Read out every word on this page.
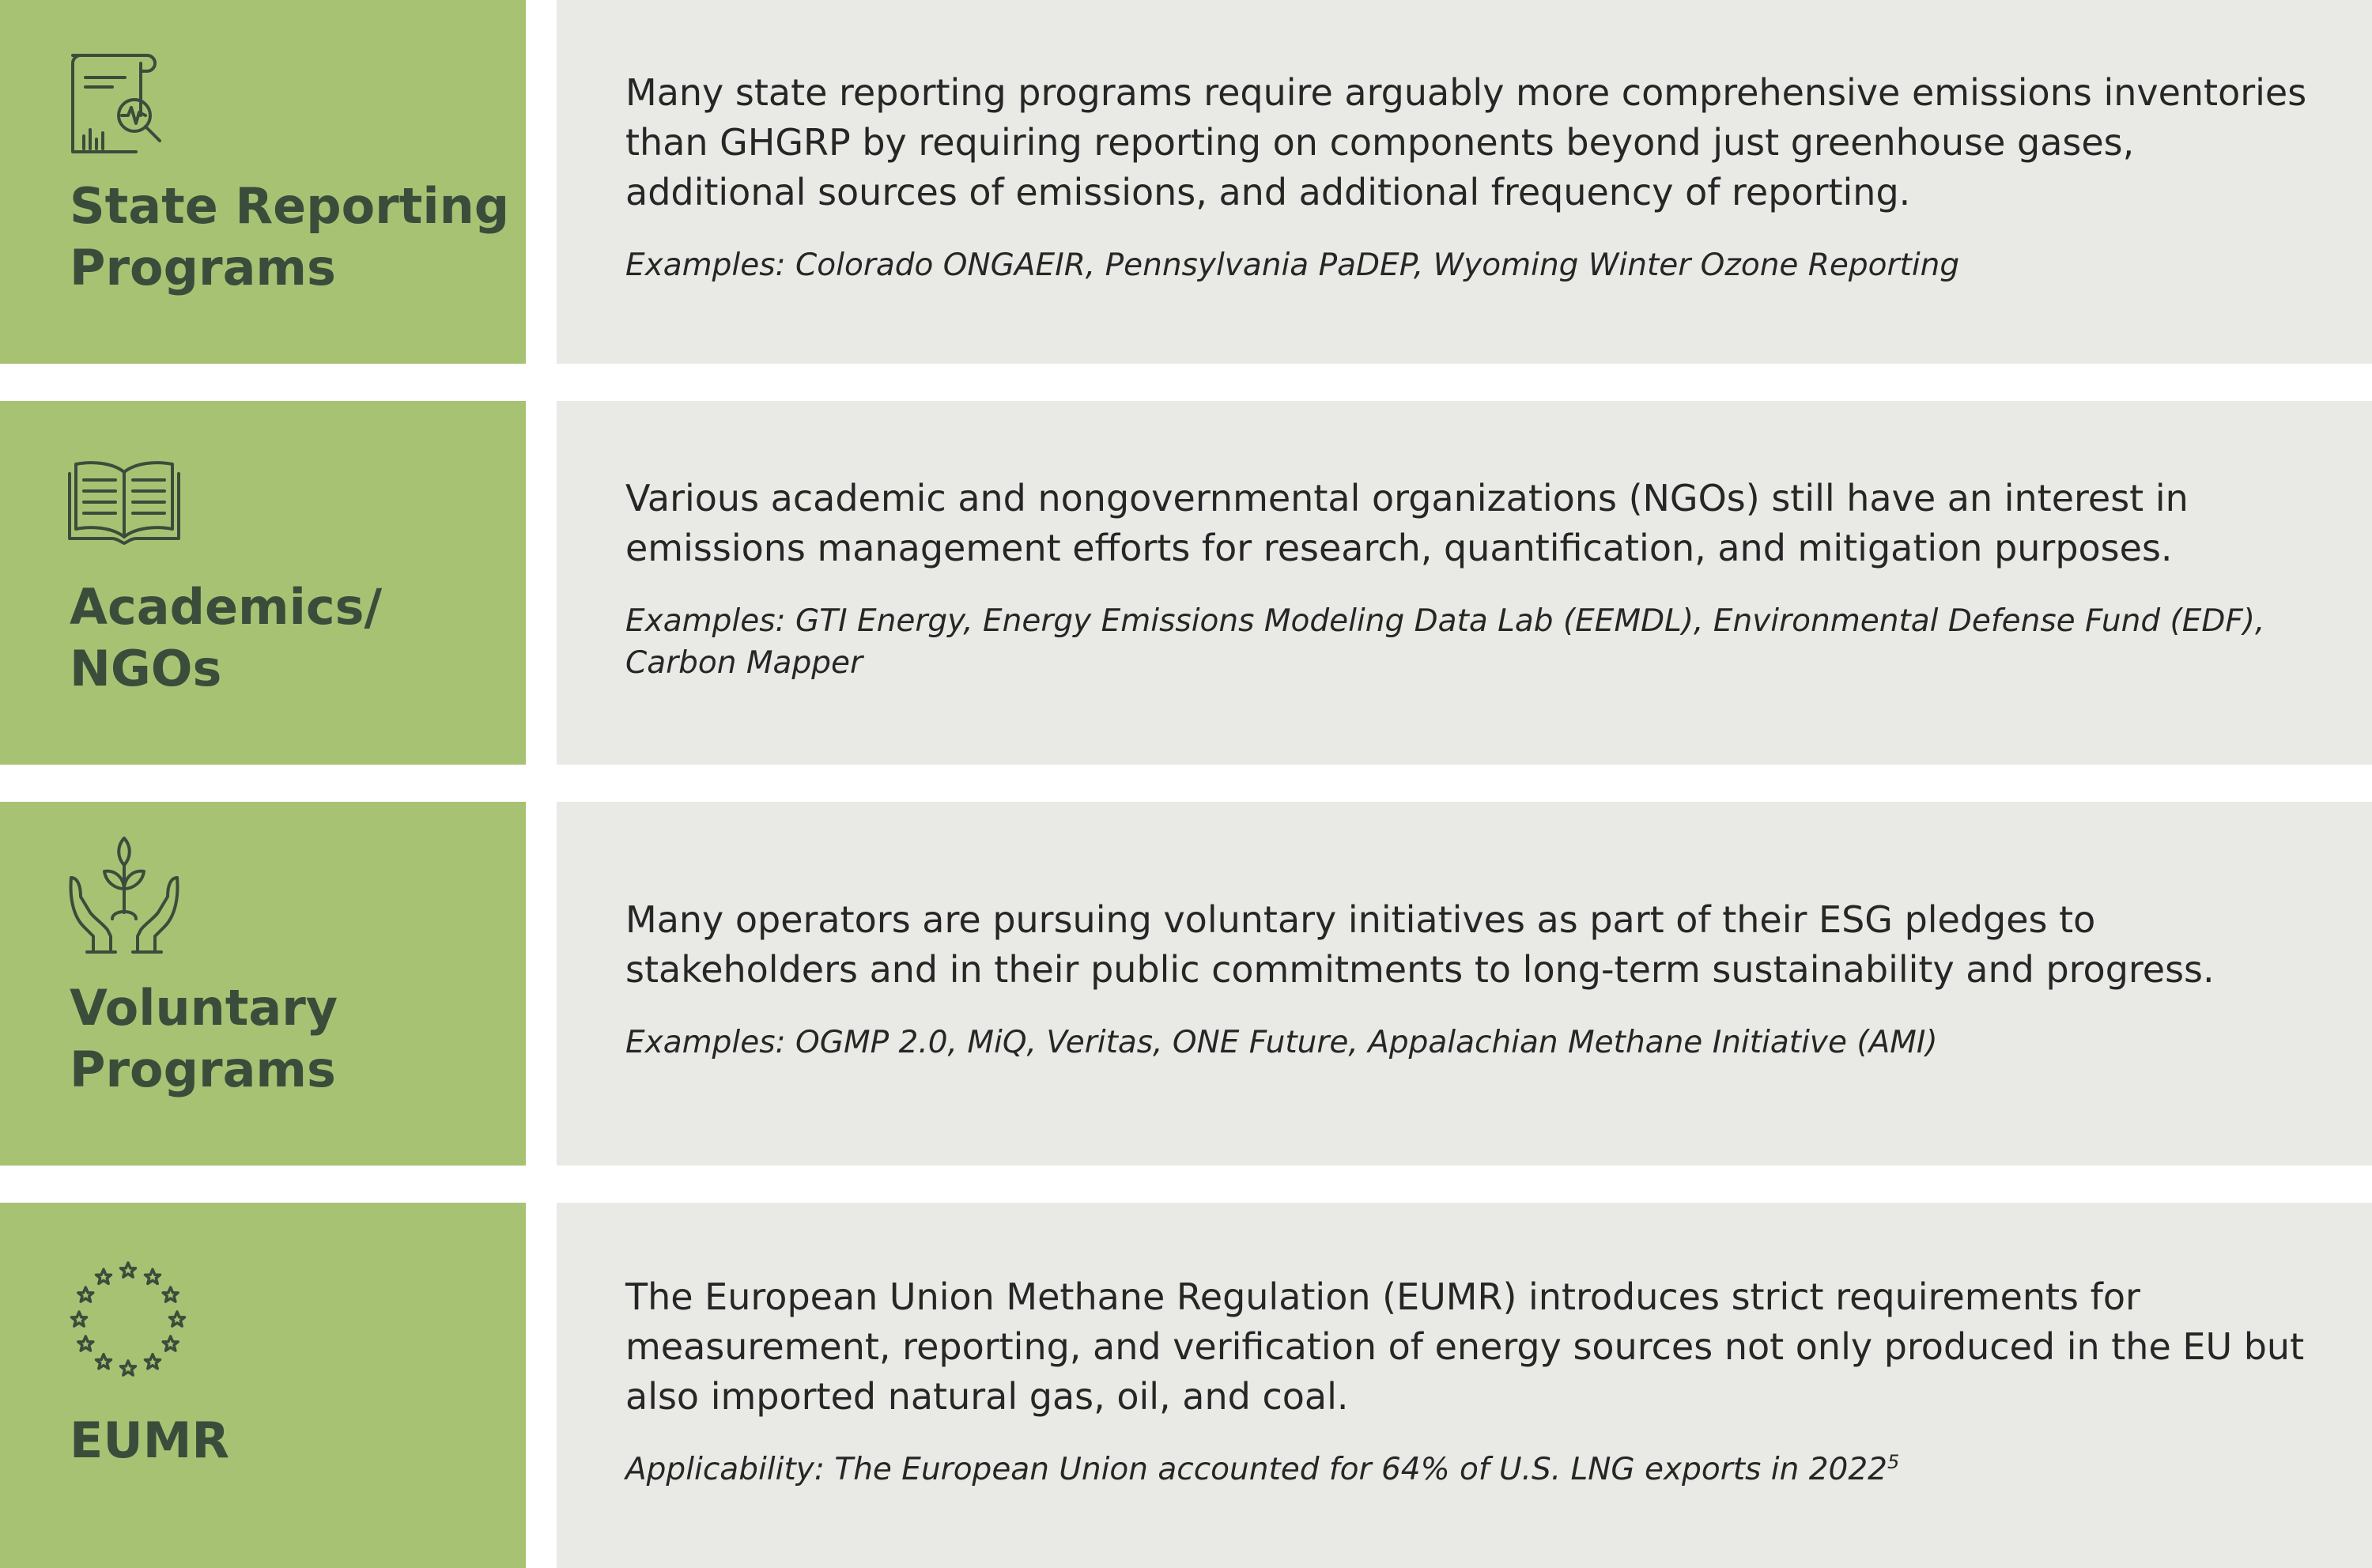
State Reporting
Programs

Many state reporting programs require arguably more comprehensive emissions inventories than GHGRP by requiring reporting on components beyond just greenhouse gases, additional sources of emissions, and additional frequency of reporting.

Examples: Colorado ONGAEIR, Pennsylvania PaDEP, Wyoming Winter Ozone Reporting

Academics/
NGOs

Various academic and nongovernmental organizations (NGOs) still have an interest in emissions management efforts for research, quantification, and mitigation purposes.

Examples: GTI Energy, Energy Emissions Modeling Data Lab (EEMDL), Environmental Defense Fund (EDF), Carbon Mapper

Voluntary
Programs

Many operators are pursuing voluntary initiatives as part of their ESG pledges to stakeholders and in their public commitments to long-term sustainability and progress.

Examples: OGMP 2.0, MiQ, Veritas, ONE Future, Appalachian Methane Initiative (AMI)

EUMR

The European Union Methane Regulation (EUMR) introduces strict requirements for measurement, reporting, and verification of energy sources not only produced in the EU but also imported natural gas, oil, and coal.

Applicability: The European Union accounted for 64% of U.S. LNG exports in 2022$^5$
